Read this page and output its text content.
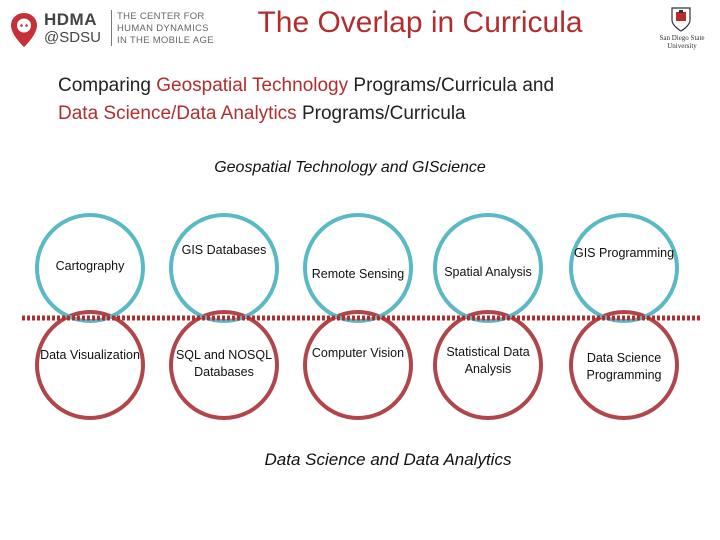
HDMA
@SDSU
THE CENTER FOR
HUMAN DYNAMICS
IN THE MOBILE AGE
The Overlap in Curricula	San Diego State
University
Comparing Geospatial Technology Programs/Curricula and
Data Science/Data Analytics Programs/Curricula
Geospatial Technology and GIScience
Cartography
GIS Databases
Remote Sensing	Spatial Analysis
GIS Programming
Data Visualization	SQL and NOSQL Databases
Computer Vision	Statistical Data Analysis
Data Science Programming
Data Science and Data Analytics
